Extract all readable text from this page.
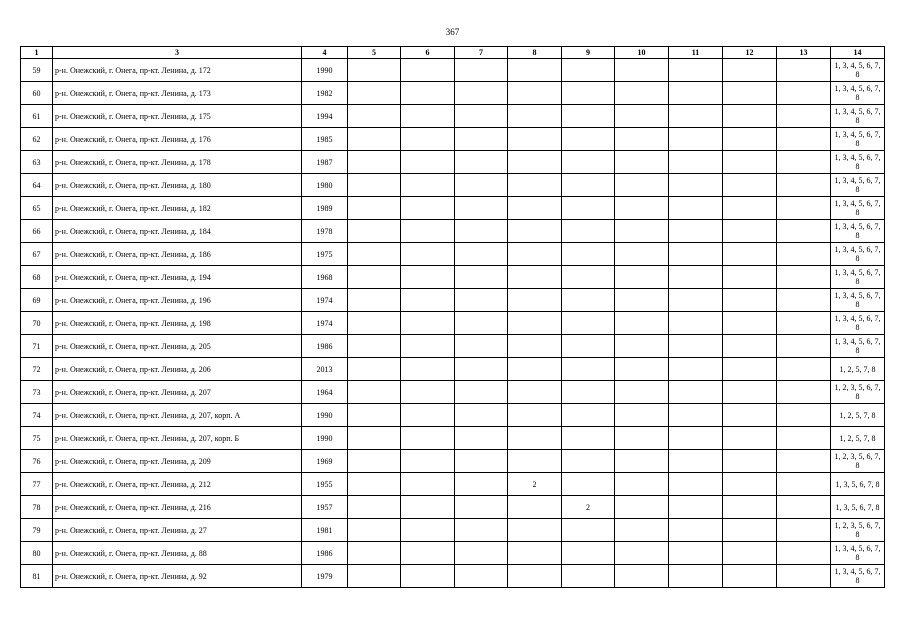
367
1	3	4	5	6	7	8	9	10	11	12	13	14
59	р-н. Онежский, г. Онега, пр-кт. Ленина, д. 172	1990										1, 3, 4, 5, 6, 7, 8
60	р-н. Онежский, г. Онега, пр-кт. Ленина, д. 173	1982										1, 3, 4, 5, 6, 7, 8
61	р-н. Онежский, г. Онега, пр-кт. Ленина, д. 175	1994										1, 3, 4, 5, 6, 7, 8
62	р-н. Онежский, г. Онега, пр-кт. Ленина, д. 176	1985										1, 3, 4, 5, 6, 7, 8
63	р-н. Онежский, г. Онега, пр-кт. Ленина, д. 178	1987										1, 3, 4, 5, 6, 7, 8
64	р-н. Онежский, г. Онега, пр-кт. Ленина, д. 180	1980										1, 3, 4, 5, 6, 7, 8
65	р-н. Онежский, г. Онега, пр-кт. Ленина, д. 182	1989										1, 3, 4, 5, 6, 7, 8
66	р-н. Онежский, г. Онега, пр-кт. Ленина, д. 184	1978										1, 3, 4, 5, 6, 7, 8
67	р-н. Онежский, г. Онега, пр-кт. Ленина, д. 186	1975										1, 3, 4, 5, 6, 7, 8
68	р-н. Онежский, г. Онега, пр-кт. Ленина, д. 194	1968										1, 3, 4, 5, 6, 7, 8
69	р-н. Онежский, г. Онега, пр-кт. Ленина, д. 196	1974										1, 3, 4, 5, 6, 7, 8
70	р-н. Онежский, г. Онега, пр-кт. Ленина, д. 198	1974										1, 3, 4, 5, 6, 7, 8
71	р-н. Онежский, г. Онега, пр-кт. Ленина, д. 205	1986										1, 3, 4, 5, 6, 7, 8
72	р-н. Онежский, г. Онега, пр-кт. Ленина, д. 206	2013										1, 2, 5, 7, 8
73	р-н. Онежский, г. Онега, пр-кт. Ленина, д. 207	1964										1, 2, 3, 5, 6, 7, 8
74	р-н. Онежский, г. Онега, пр-кт. Ленина, д. 207, корп. А	1990										1, 2, 5, 7, 8
75	р-н. Онежский, г. Онега, пр-кт. Ленина, д. 207, корп. Б	1990										1, 2, 5, 7, 8
76	р-н. Онежский, г. Онега, пр-кт. Ленина, д. 209	1969										1, 2, 3, 5, 6, 7, 8
77	р-н. Онежский, г. Онега, пр-кт. Ленина, д. 212	1955				2						1, 3, 5, 6, 7, 8
78	р-н. Онежский, г. Онега, пр-кт. Ленина, д. 216	1957					2					1, 3, 5, 6, 7, 8
79	р-н. Онежский, г. Онега, пр-кт. Ленина, д. 27	1981										1, 2, 3, 5, 6, 7, 8
80	р-н. Онежский, г. Онега, пр-кт. Ленина, д. 88	1986										1, 3, 4, 5, 6, 7, 8
81	р-н. Онежский, г. Онега, пр-кт. Ленина, д. 92	1979										1, 3, 4, 5, 6, 7, 8
